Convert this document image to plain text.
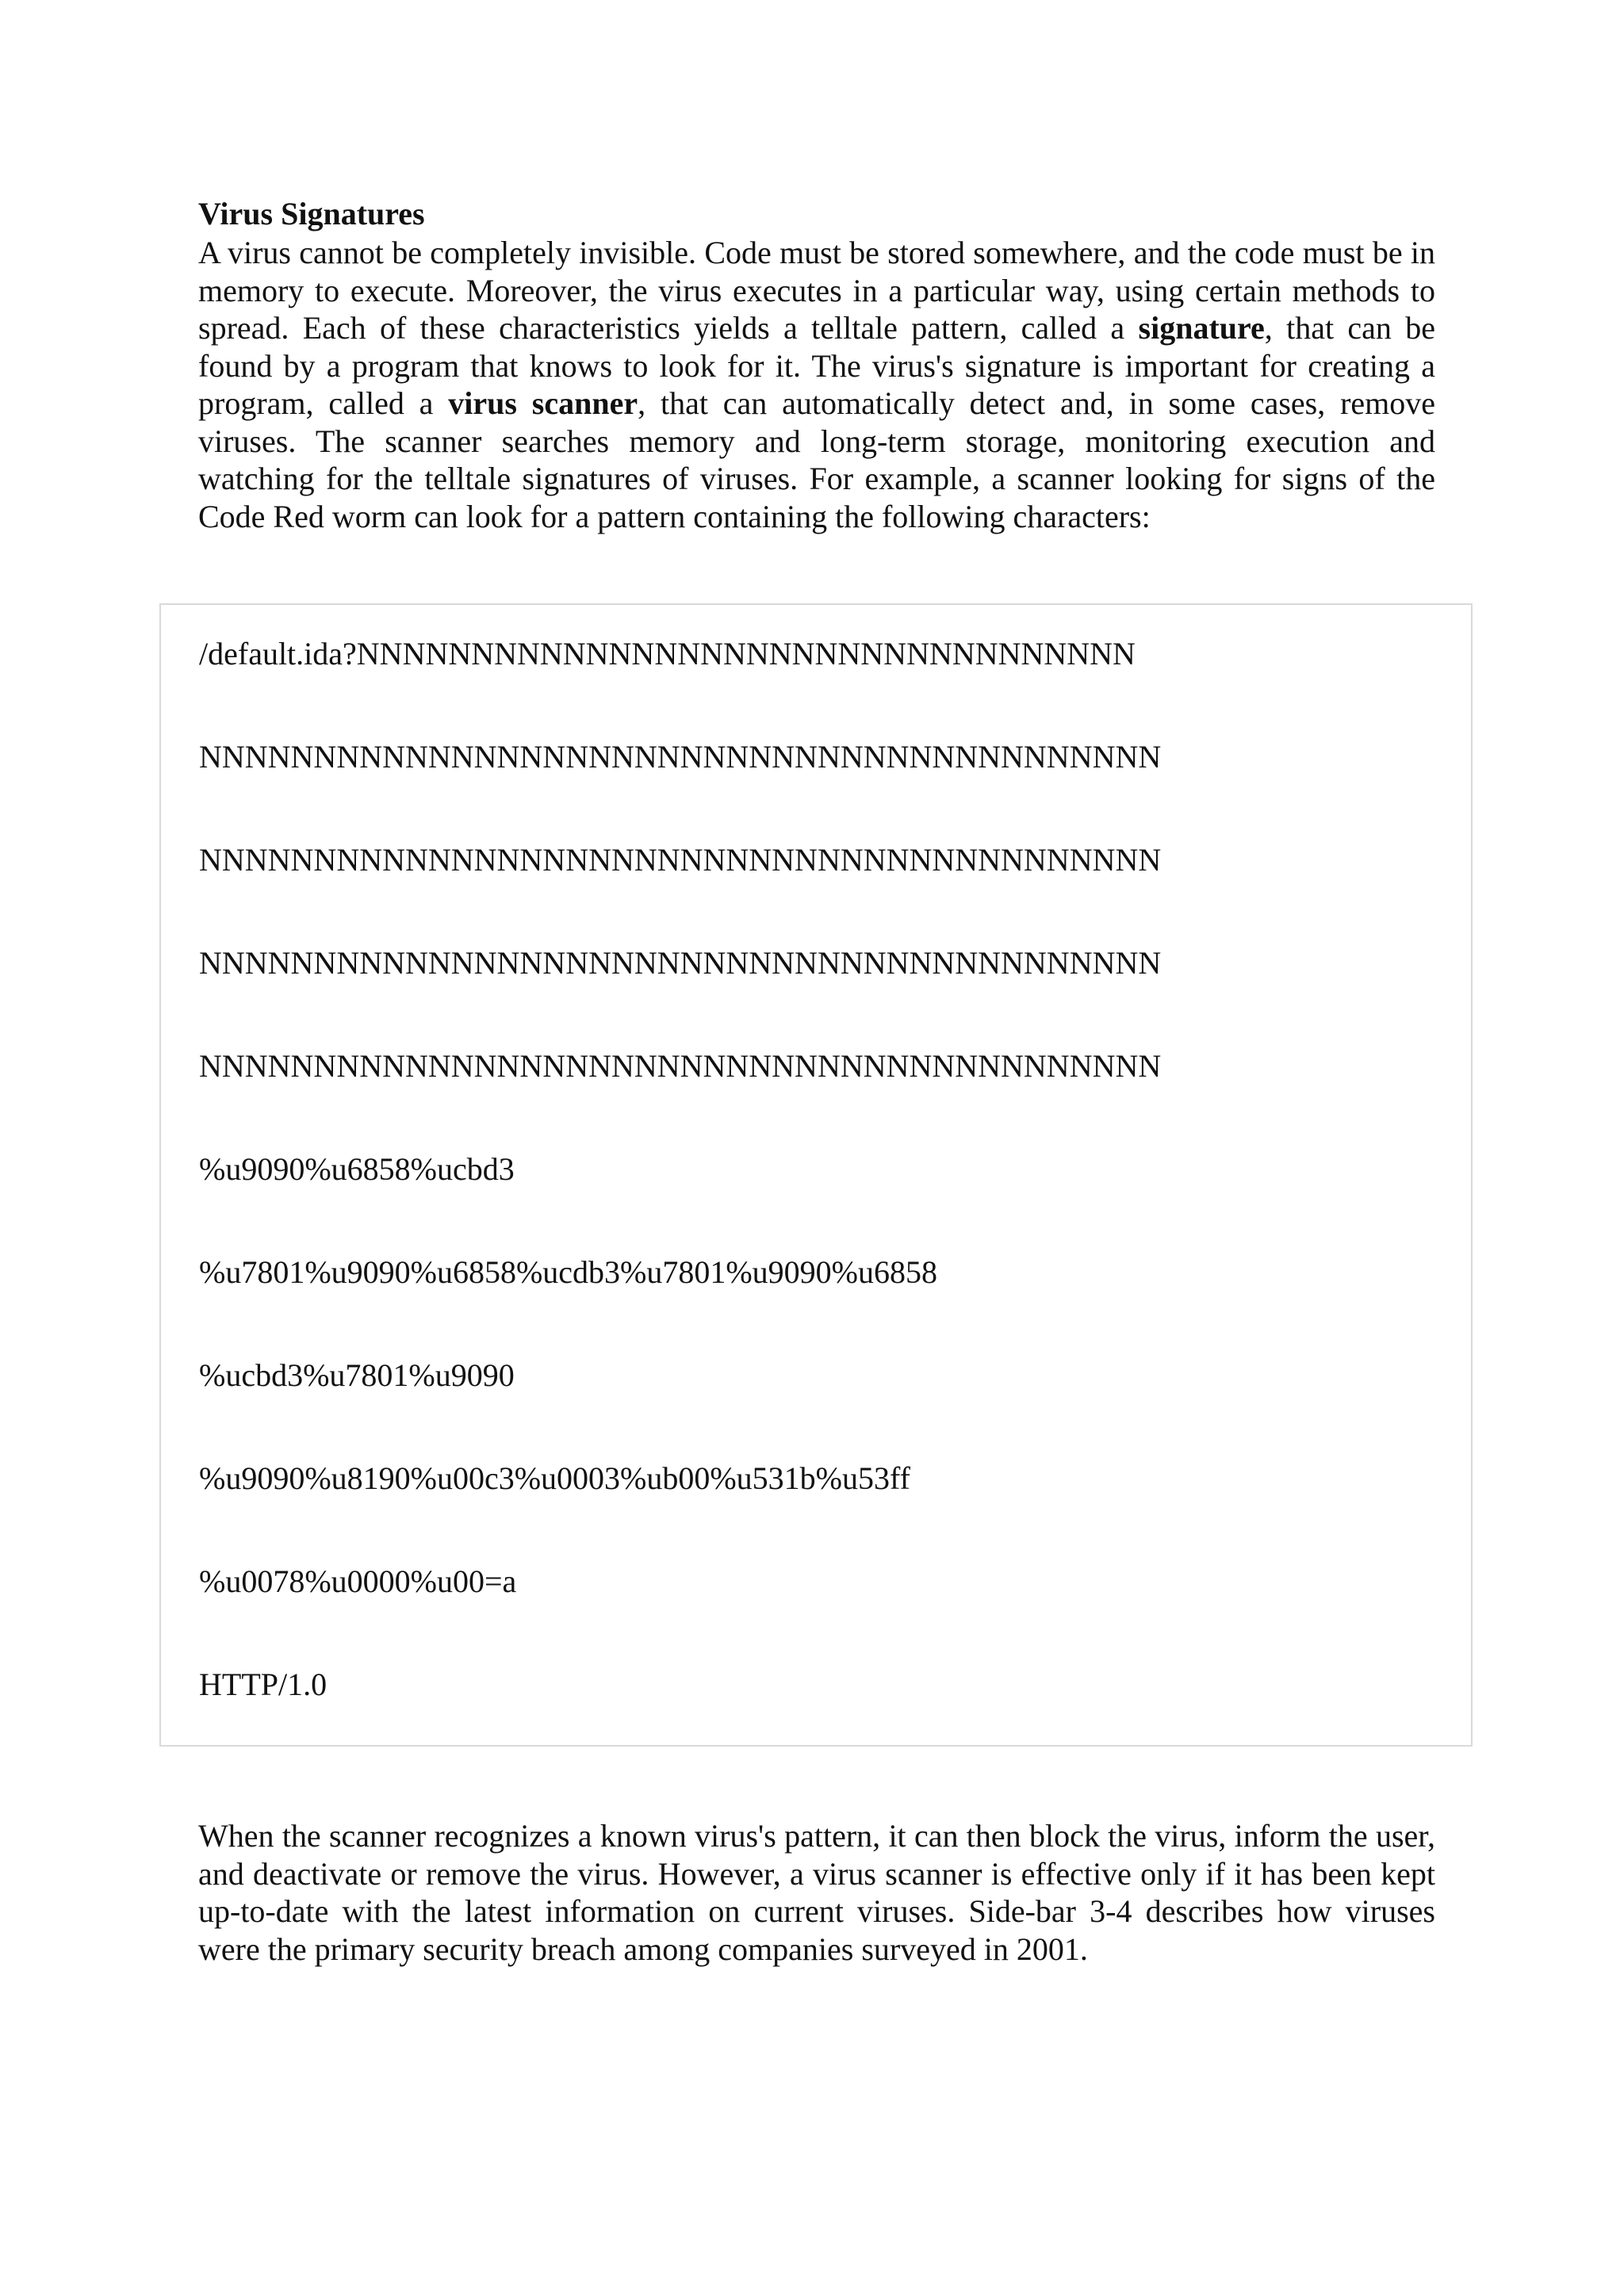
Virus Signatures

A virus cannot be completely invisible. Code must be stored somewhere, and the code must be in memory to execute. Moreover, the virus executes in a particular way, using certain methods to spread. Each of these characteristics yields a telltale pattern, called a signature, that can be found by a program that knows to look for it. The virus's signature is important for creating a program, called a virus scanner, that can automatically detect and, in some cases, remove viruses. The scanner searches memory and long-term storage, monitoring execution and watching for the telltale signatures of viruses. For example, a scanner looking for signs of the Code Red worm can look for a pattern containing the following characters:

/default.ida?NNNNNNNNNNNNNNNNNNNNNNNNNNNNNNNNNN

NNNNNNNNNNNNNNNNNNNNNNNNNNNNNNNNNNNNNNNNNN

NNNNNNNNNNNNNNNNNNNNNNNNNNNNNNNNNNNNNNNNNN

NNNNNNNNNNNNNNNNNNNNNNNNNNNNNNNNNNNNNNNNNN

NNNNNNNNNNNNNNNNNNNNNNNNNNNNNNNNNNNNNNNNNN

%u9090%u6858%ucbd3

%u7801%u9090%u6858%ucdb3%u7801%u9090%u6858

%ucbd3%u7801%u9090

%u9090%u8190%u00c3%u0003%ub00%u531b%u53ff

%u0078%u0000%u00=a

HTTP/1.0

When the scanner recognizes a known virus's pattern, it can then block the virus, inform the user, and deactivate or remove the virus. However, a virus scanner is effective only if it has been kept up-to-date with the latest information on current viruses. Side-bar 3-4 describes how viruses were the primary security breach among companies surveyed in 2001.
